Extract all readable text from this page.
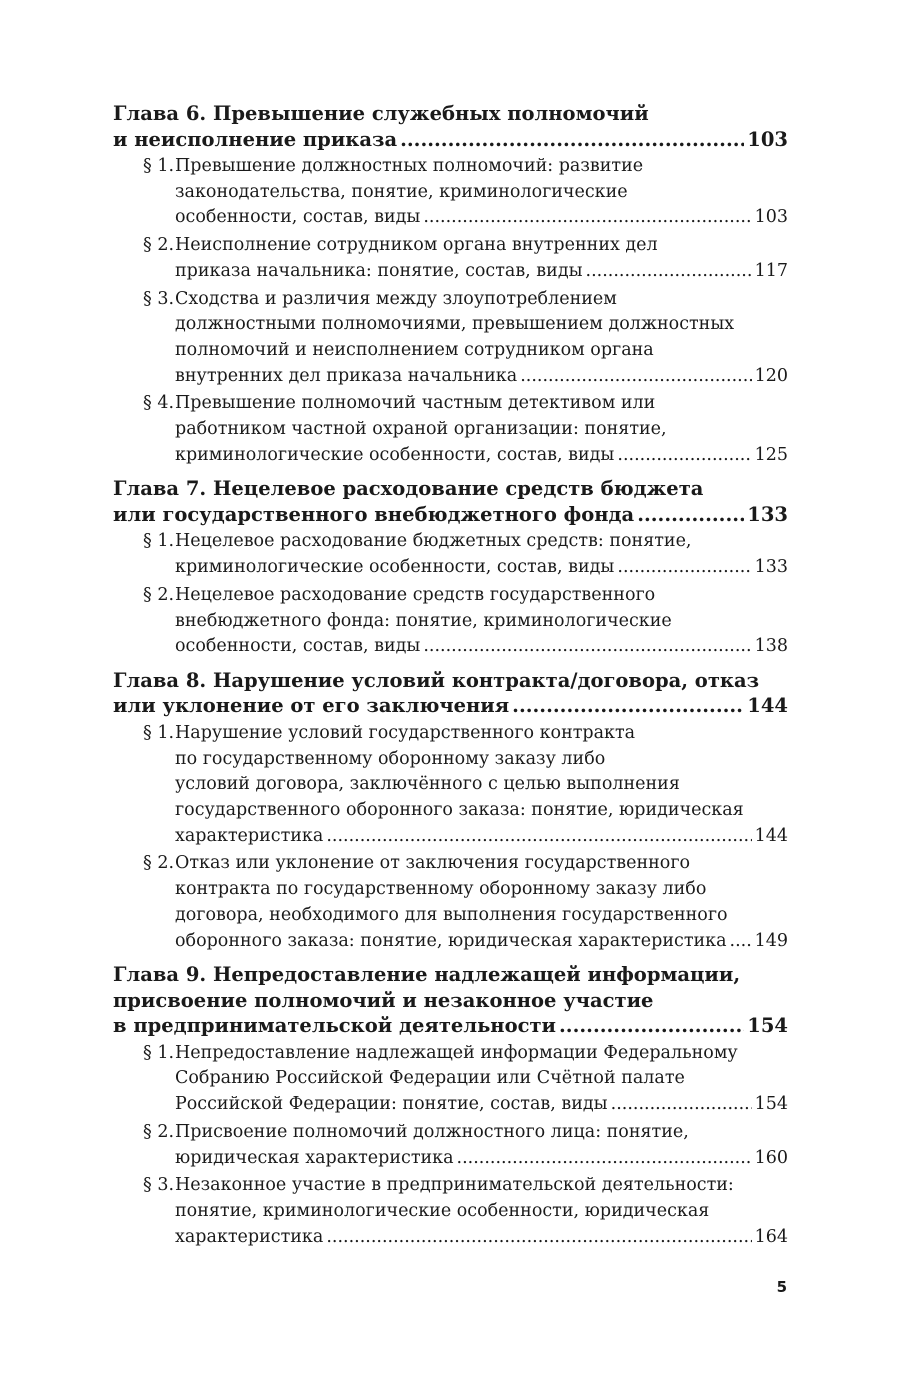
Глава 6. Превышение служебных полномочий
и неисполнение приказа .....	103
§ 1. Превышение должностных полномочий: развитие
законодательства, понятие, криминологические
особенности, состав, виды .....	103
§ 2. Неисполнение сотрудником органа внутренних дел
приказа начальника: понятие, состав, виды .....	117
§ 3. Сходства и различия между злоупотреблением
должностными полномочиями, превышением должностных
полномочий и неисполнением сотрудником органа
внутренних дел приказа начальника .....	120
§ 4. Превышение полномочий частным детективом или
работником частной охраной организации: понятие,
криминологические особенности, состав, виды .....	125
Глава 7. Нецелевое расходование средств бюджета
или государственного внебюджетного фонда .....	133
§ 1. Нецелевое расходование бюджетных средств: понятие,
криминологические особенности, состав, виды .....	133
§ 2. Нецелевое расходование средств государственного
внебюджетного фонда: понятие, криминологические
особенности, состав, виды .....	138
Глава 8. Нарушение условий контракта/договора, отказ
или уклонение от его заключения .....	144
§ 1. Нарушение условий государственного контракта
по государственному оборонному заказу либо
условий договора, заключённого с целью выполнения
государственного оборонного заказа: понятие, юридическая
характеристика .....	144
§ 2. Отказ или уклонение от заключения государственного
контракта по государственному оборонному заказу либо
договора, необходимого для выполнения государственного
оборонного заказа: понятие, юридическая характеристика ..... 149
Глава 9. Непредоставление надлежащей информации,
присвоение полномочий и незаконное участие
в предпринимательской деятельности .....	154
§ 1. Непредоставление надлежащей информации Федеральному
Собранию Российской Федерации или Счётной палате
Российской Федерации: понятие, состав, виды .....	154
§ 2. Присвоение полномочий должностного лица: понятие,
юридическая характеристика .....	160
§ 3. Незаконное участие в предпринимательской деятельности:
понятие, криминологические особенности, юридическая
характеристика .....	164
5
